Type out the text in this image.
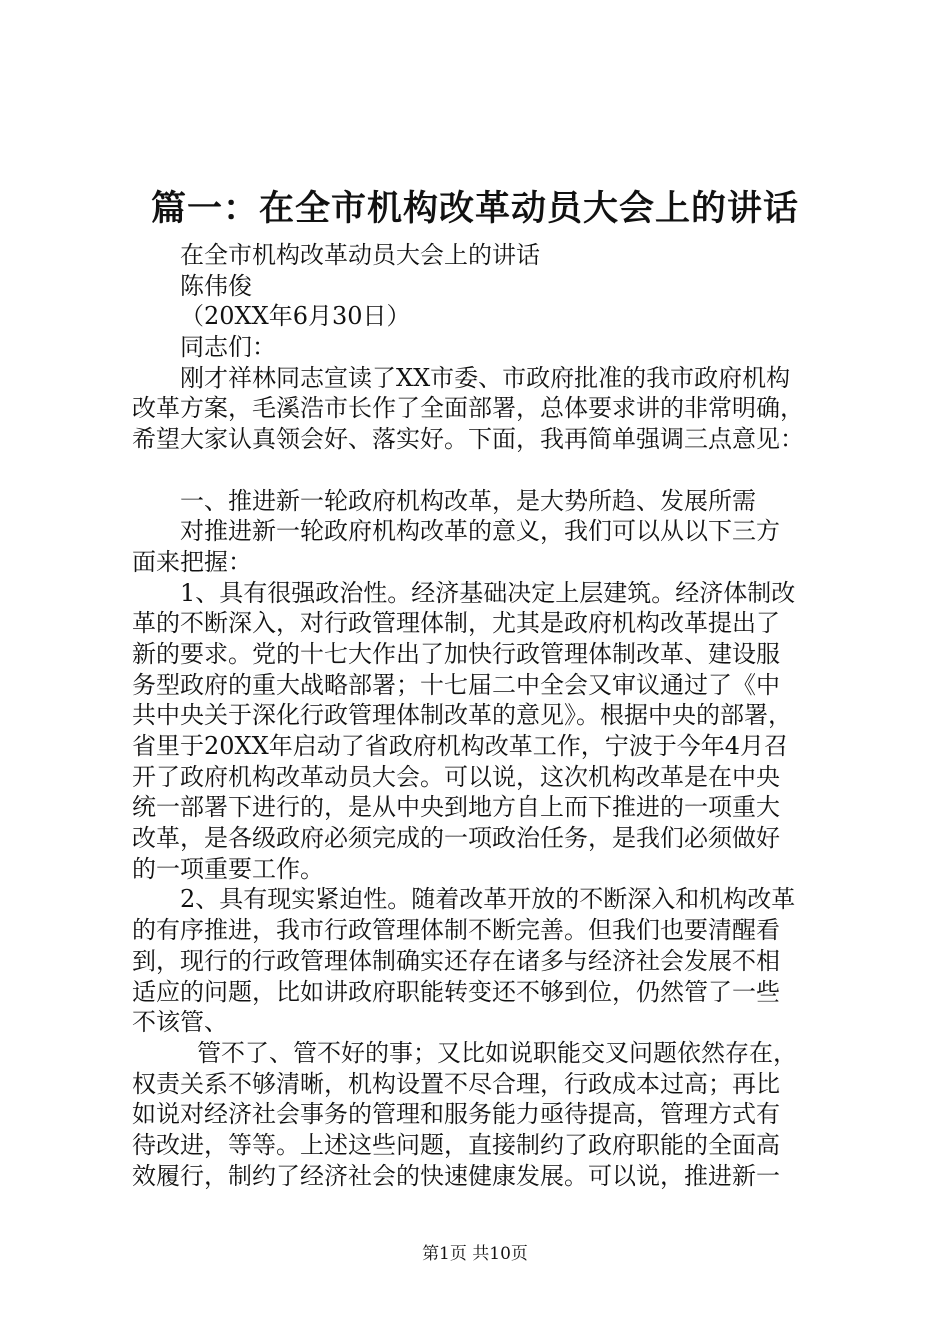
篇一：在全市机构改革动员大会上的讲话
在全市机构改革动员大会上的讲话
陈伟俊
（20XX年6月30日）
同志们：
刚才祥林同志宣读了XX市委、市政府批准的我市政府机构
改革方案，毛溪浩市长作了全面部署，总体要求讲的非常明确，
希望大家认真领会好、落实好。下面，我再简单强调三点意见：
一、推进新一轮政府机构改革，是大势所趋、发展所需
对推进新一轮政府机构改革的意义，我们可以从以下三方
面来把握：
1、具有很强政治性。经济基础决定上层建筑。经济体制改
革的不断深入，对行政管理体制，尤其是政府机构改革提出了
新的要求。党的十七大作出了加快行政管理体制改革、建设服
务型政府的重大战略部署；十七届二中全会又审议通过了《中
共中央关于深化行政管理体制改革的意见》。根据中央的部署，
省里于20XX年启动了省政府机构改革工作，宁波于今年4月召
开了政府机构改革动员大会。可以说，这次机构改革是在中央
统一部署下进行的，是从中央到地方自上而下推进的一项重大
改革，是各级政府必须完成的一项政治任务，是我们必须做好
的一项重要工作。
2、具有现实紧迫性。随着改革开放的不断深入和机构改革
的有序推进，我市行政管理体制不断完善。但我们也要清醒看
到，现行的行政管理体制确实还存在诸多与经济社会发展不相
适应的问题，比如讲政府职能转变还不够到位，仍然管了一些
不该管、
管不了、管不好的事；又比如说职能交叉问题依然存在，
权责关系不够清晰，机构设置不尽合理，行政成本过高；再比
如说对经济社会事务的管理和服务能力亟待提高，管理方式有
待改进，等等。上述这些问题，直接制约了政府职能的全面高
效履行，制约了经济社会的快速健康发展。可以说，推进新一
第1页 共10页
